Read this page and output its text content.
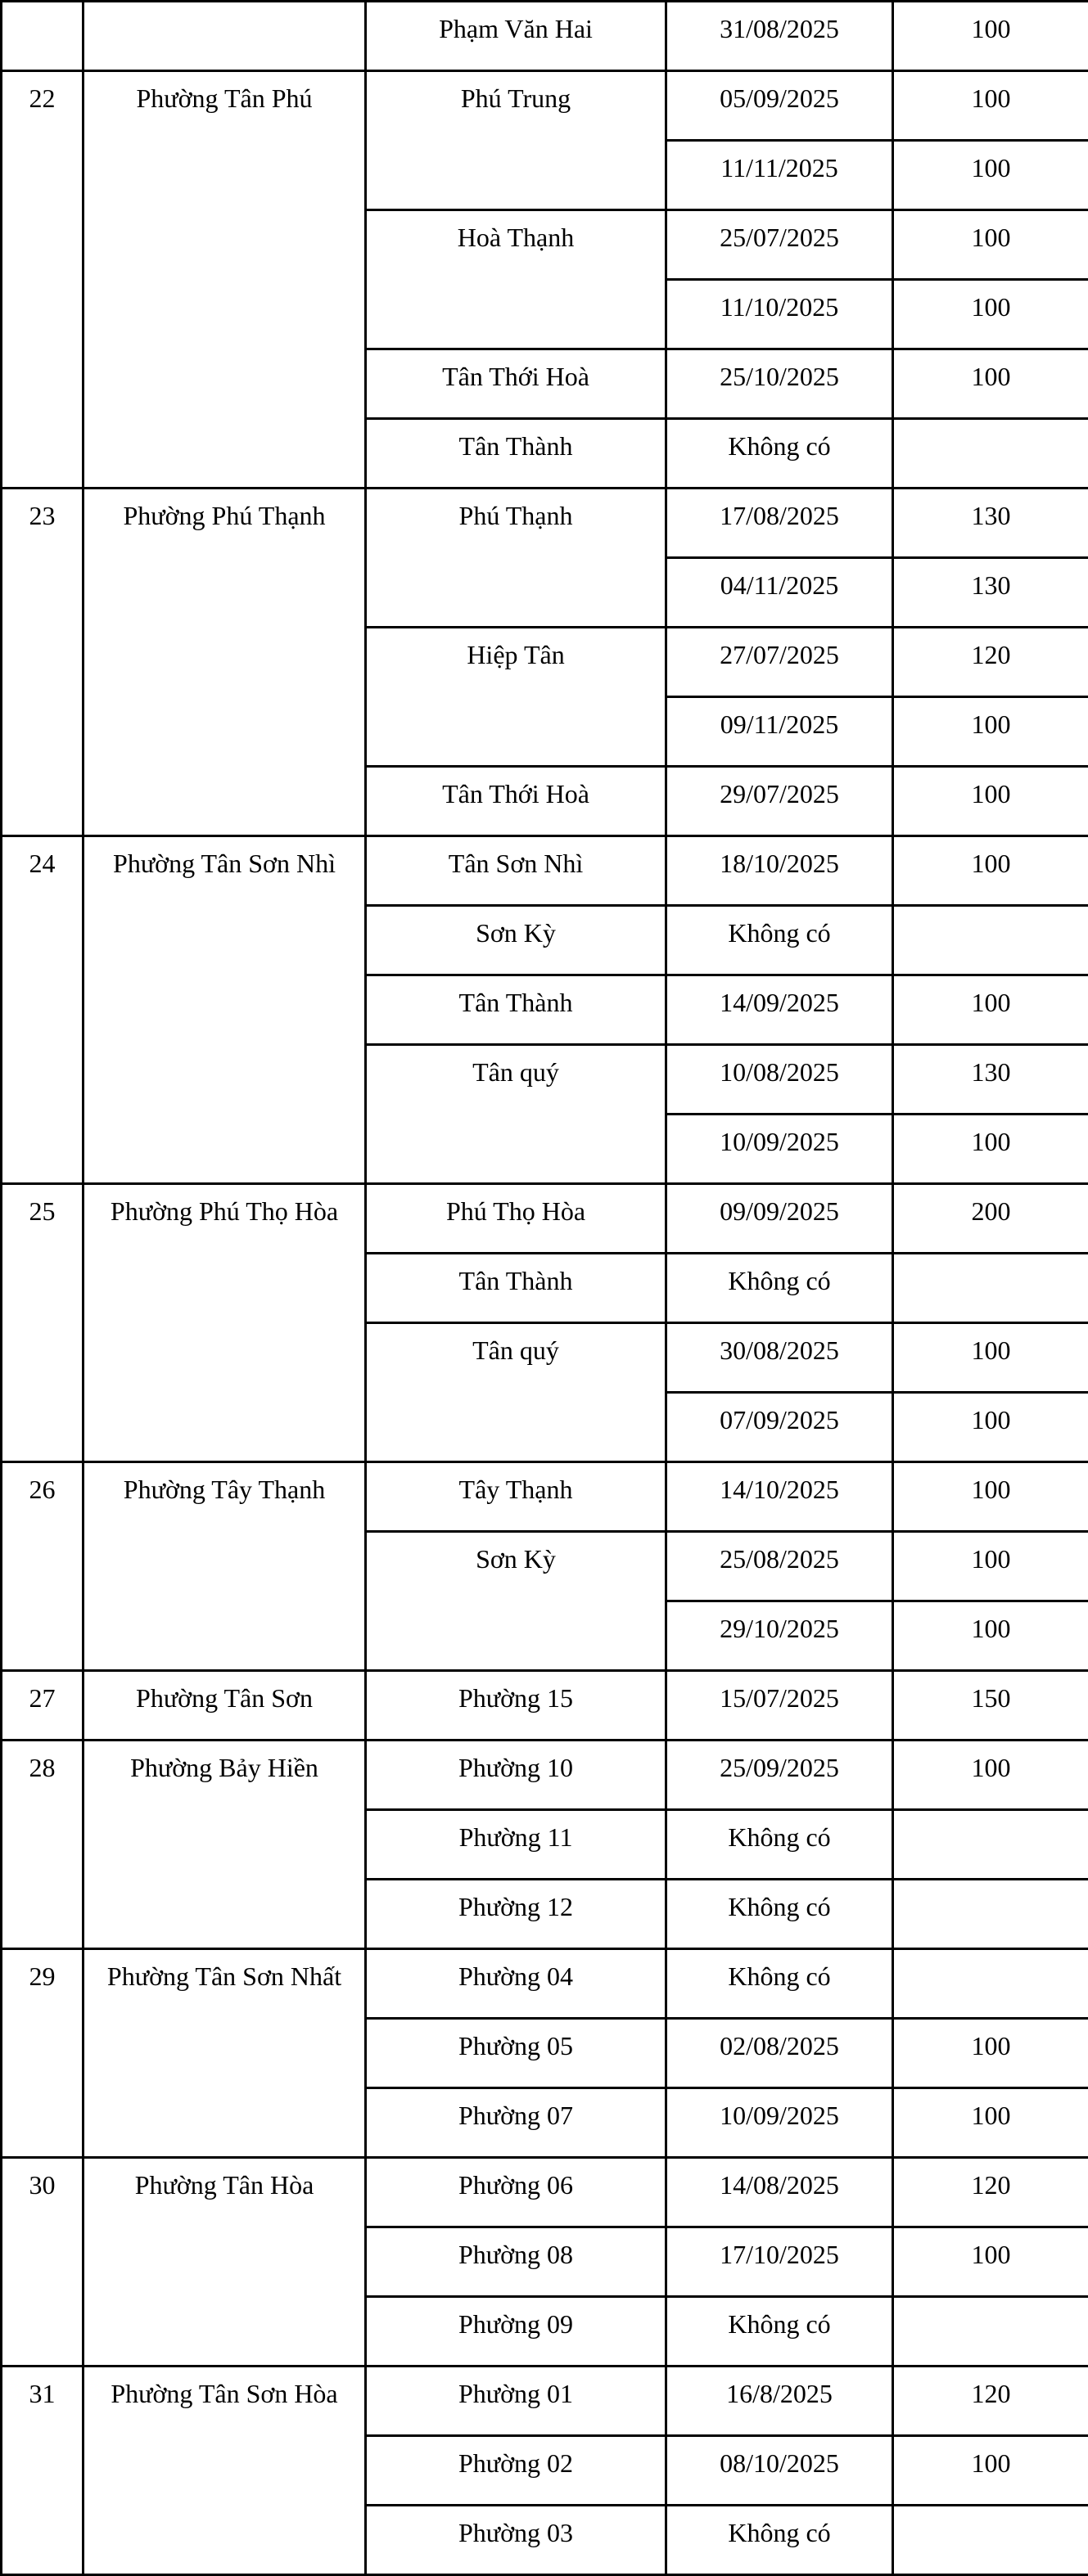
		Phạm Văn Hai	31/08/2025	100
22	Phường Tân Phú	Phú Trung	05/09/2025	100
			11/11/2025	100
		Hoà Thạnh	25/07/2025	100
			11/10/2025	100
		Tân Thới Hoà	25/10/2025	100
		Tân Thành	Không có	
23	Phường Phú Thạnh	Phú Thạnh	17/08/2025	130
			04/11/2025	130
		Hiệp Tân	27/07/2025	120
			09/11/2025	100
		Tân Thới Hoà	29/07/2025	100
24	Phường Tân Sơn Nhì	Tân Sơn Nhì	18/10/2025	100
		Sơn Kỳ	Không có	
		Tân Thành	14/09/2025	100
		Tân quý	10/08/2025	130
			10/09/2025	100
25	Phường Phú Thọ Hòa	Phú Thọ Hòa	09/09/2025	200
		Tân Thành	Không có	
		Tân quý	30/08/2025	100
			07/09/2025	100
26	Phường Tây Thạnh	Tây Thạnh	14/10/2025	100
		Sơn Kỳ	25/08/2025	100
			29/10/2025	100
27	Phường Tân Sơn	Phường 15	15/07/2025	150
28	Phường Bảy Hiền	Phường 10	25/09/2025	100
		Phường 11	Không có	
		Phường 12	Không có	
29	Phường Tân Sơn Nhất	Phường 04	Không có	
		Phường 05	02/08/2025	100
		Phường 07	10/09/2025	100
30	Phường Tân Hòa	Phường 06	14/08/2025	120
		Phường 08	17/10/2025	100
		Phường 09	Không có	
31	Phường Tân Sơn Hòa	Phường 01	16/8/2025	120
		Phường 02	08/10/2025	100
		Phường 03	Không có	
